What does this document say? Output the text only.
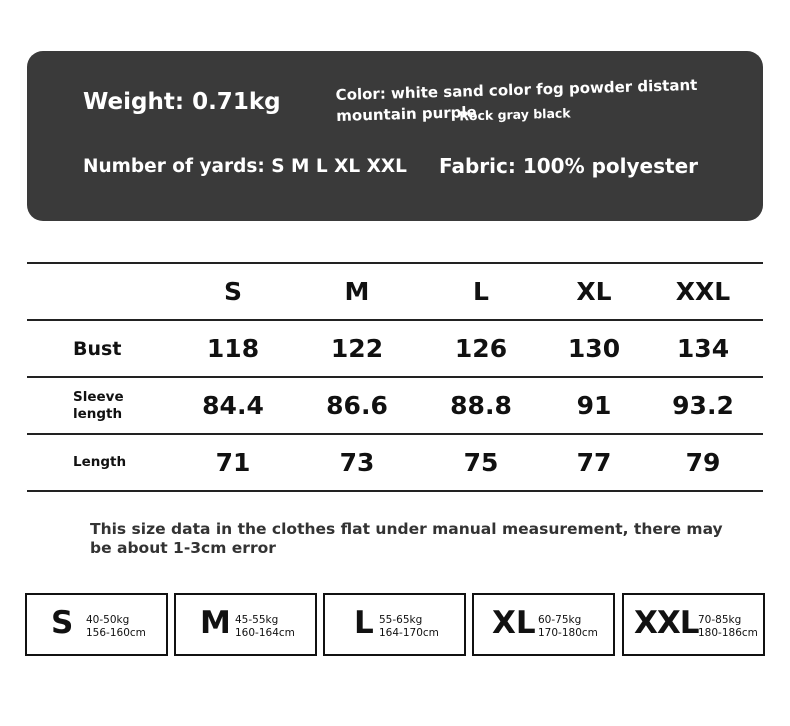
Weight: 0.71kg	Color: white sand color fog powder distant
mountain purple
Rock gray black
Number of yards: S M L XL XXL Fabric: 100% polyester
S	M	L	XL	XXL
Bust	118	122	126	130	134
Sleeve
length	84.4	86.6	88.8	91	93.2
Length	71	73	75	77	79
This size data in the clothes flat under manual measurement, there may be about 1-3cm error
S 40-50kg
156-160cm M 45-55kg
160-164cm L 55-65kg
164-170cm XL 60-75kg
170-180cm XXL 70-85kg
180-186cm
